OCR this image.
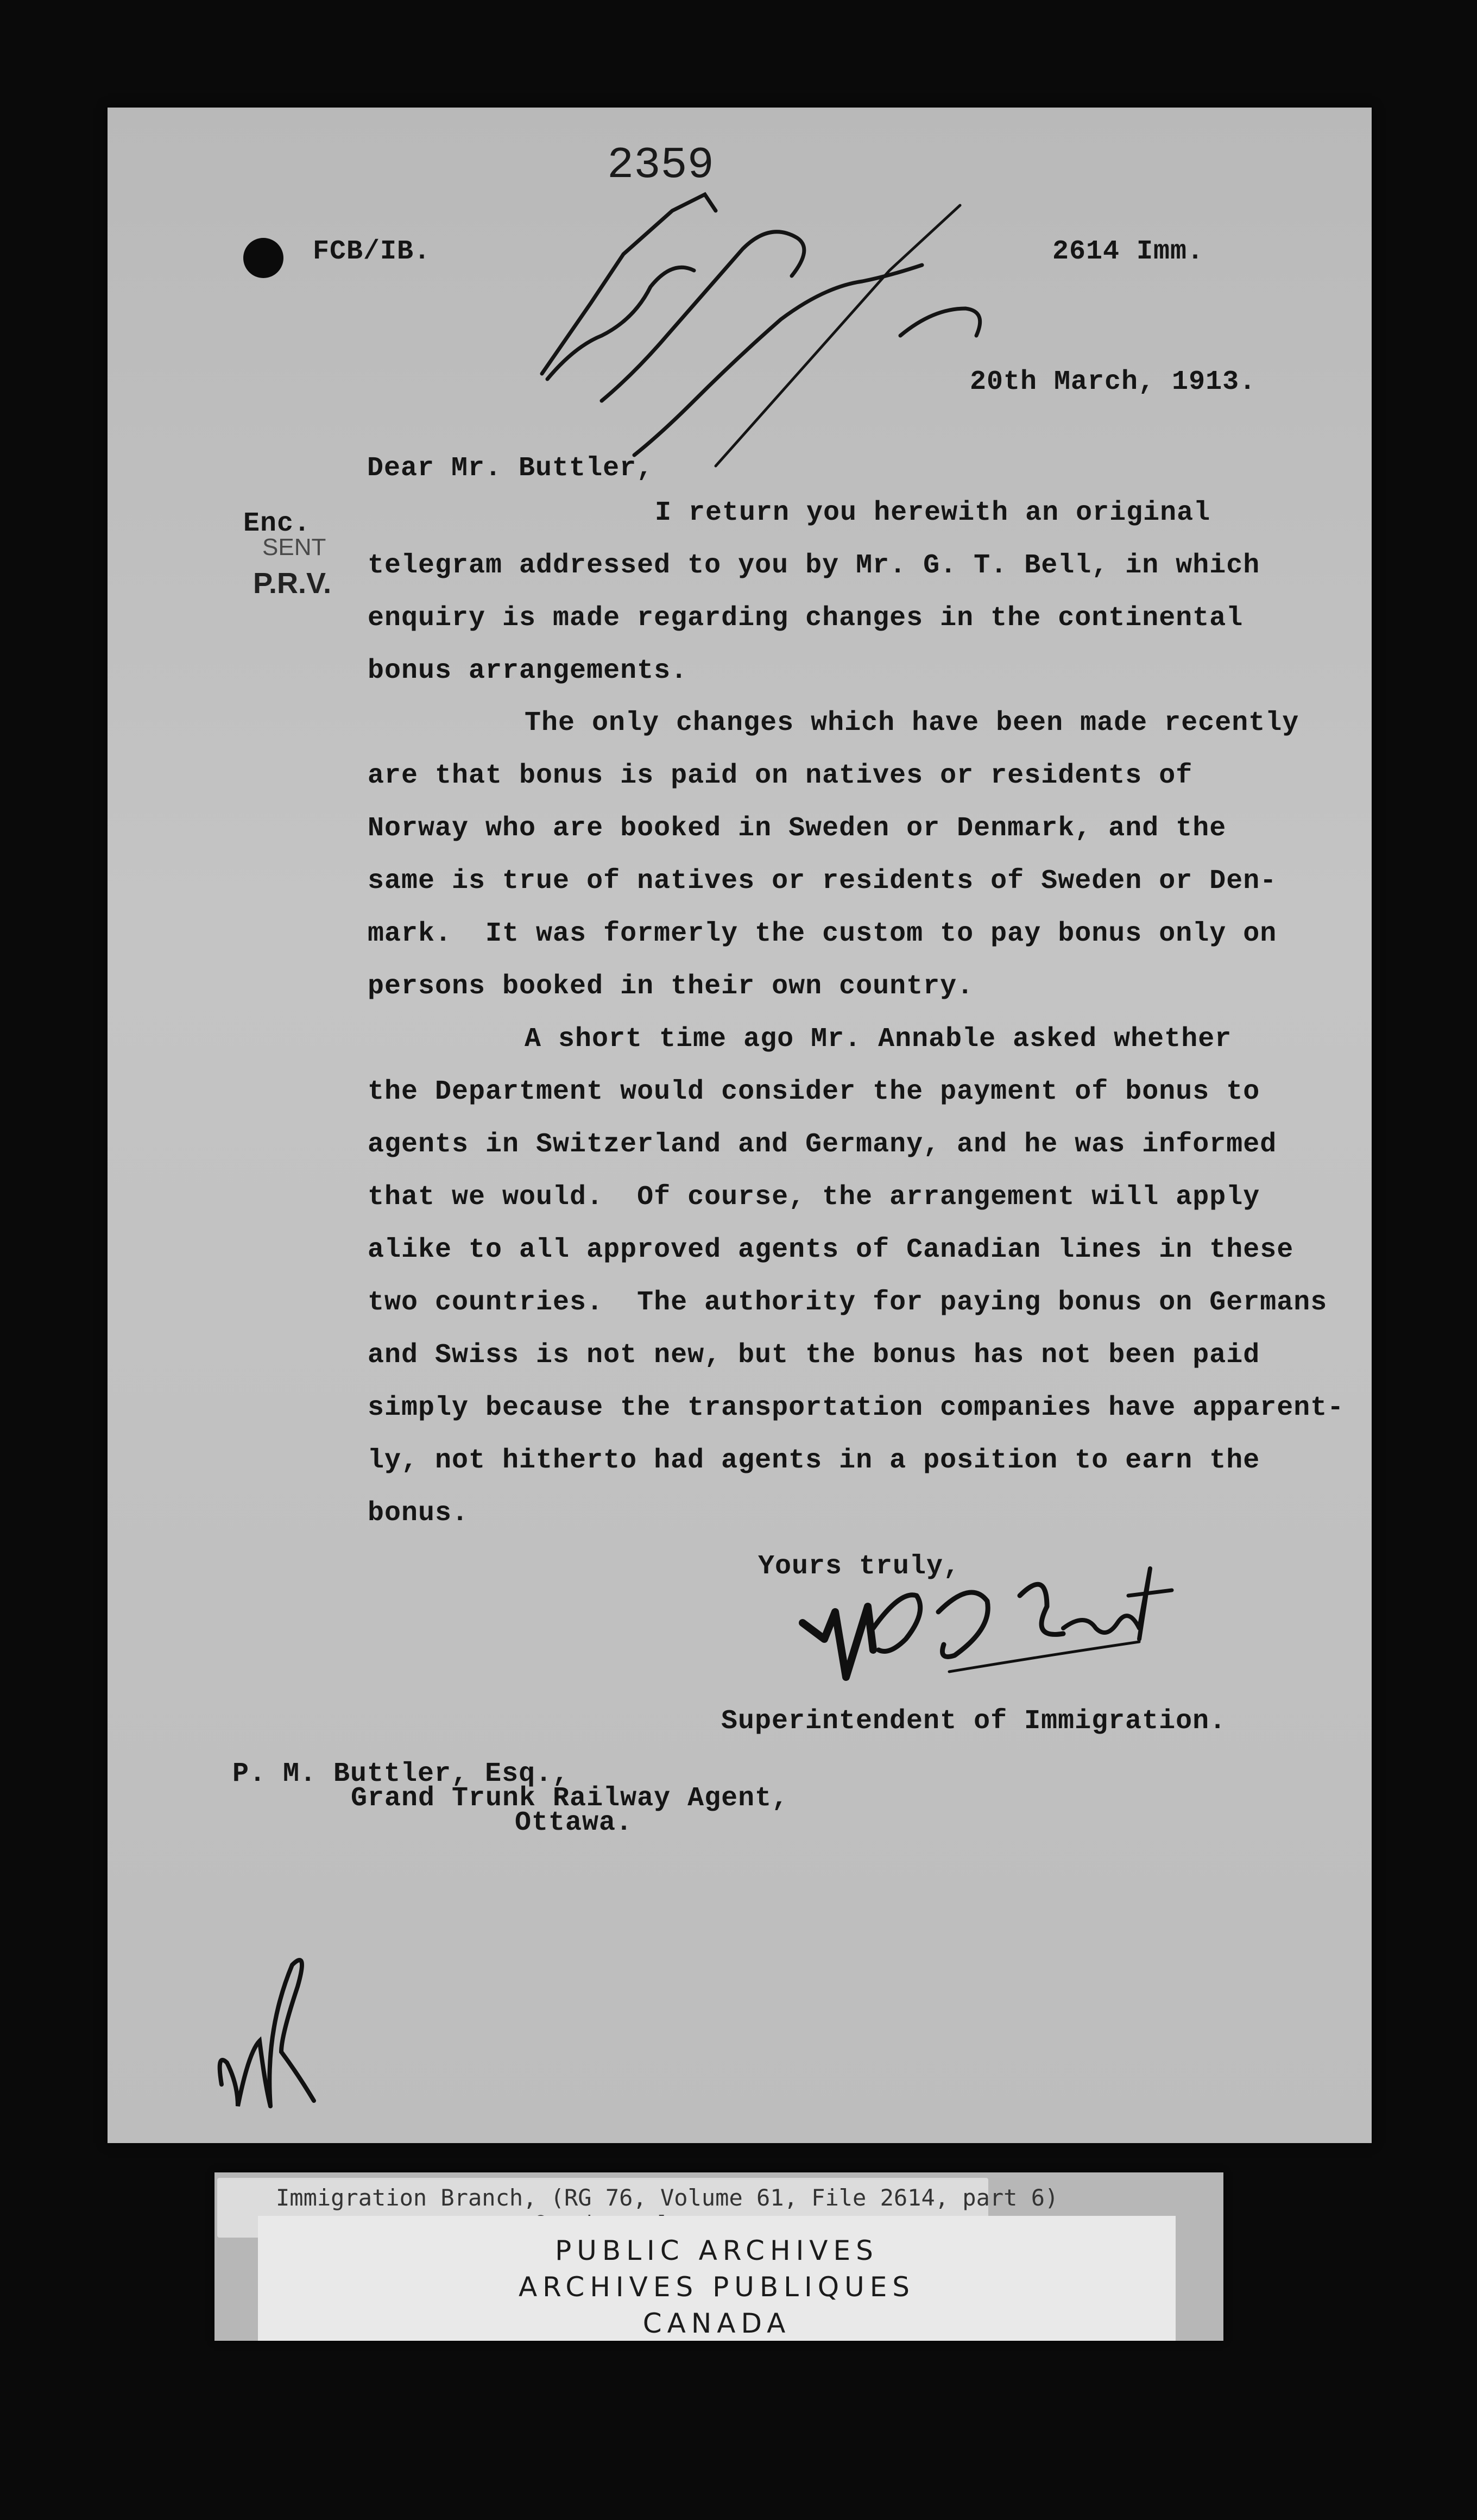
2359
FCB/IB.	2614 Imm.
20th March, 1913.
Deliver to Mr Buttler by messenger
Dear Mr. Buttler,
Enc.
SENT
P.R.V.
I return you herewith an original
telegram addressed to you by Mr. G. T. Bell, in which
enquiry is made regarding changes in the continental
bonus arrangements.
The only changes which have been made recently
are that bonus is paid on natives or residents of
Norway who are booked in Sweden or Denmark, and the
same is true of natives or residents of Sweden or Den-
mark.  It was formerly the custom to pay bonus only on
persons booked in their own country.
A short time ago Mr. Annable asked whether
the Department would consider the payment of bonus to
agents in Switzerland and Germany, and he was informed
that we would.  Of course, the arrangement will apply
alike to all approved agents of Canadian lines in these
two countries.  The authority for paying bonus on Germans
and Swiss is not new, but the bonus has not been paid
simply because the transportation companies have apparent-
ly, not hitherto had agents in a position to earn the
bonus.
Yours truly,
W.D. Scott
Superintendent of Immigration.
P. M. Buttler, Esq.,
Grand Trunk Railway Agent,
Ottawa.
MR
Immigration Branch, (RG 76, Volume 61, File 2614, part 6)
PUBLIC ARCHIVES
ARCHIVES PUBLIQUES
CANADA
